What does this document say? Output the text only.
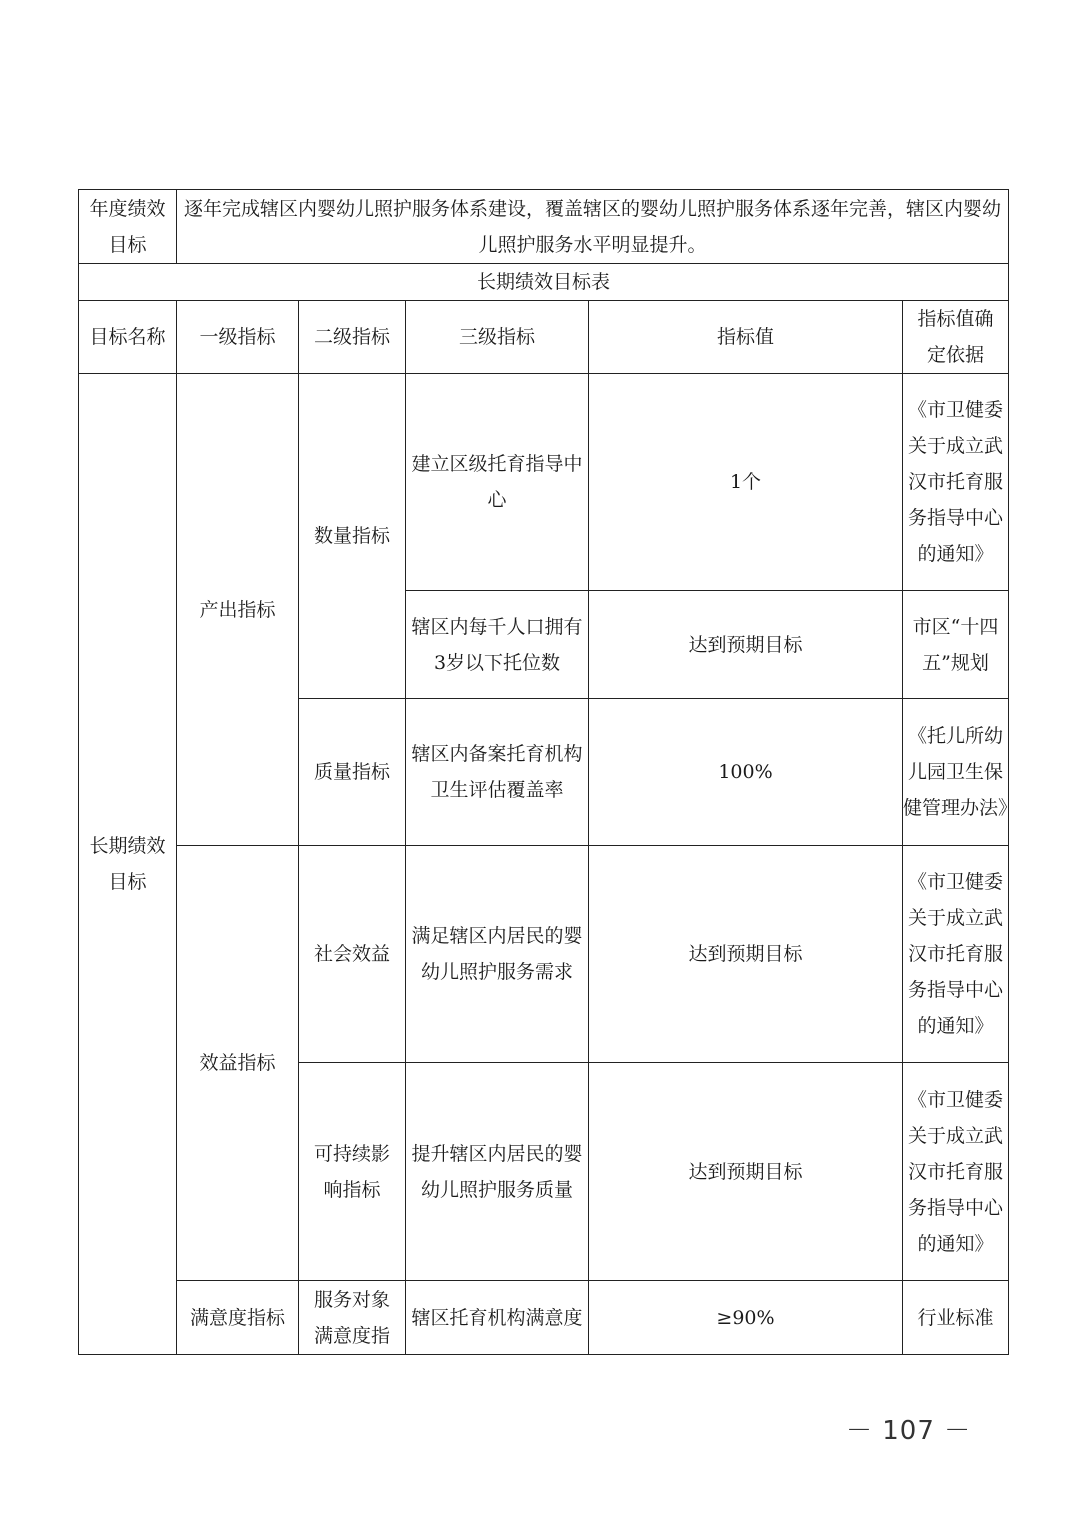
年度绩效目标	逐年完成辖区内婴幼儿照护服务体系建设，覆盖辖区的婴幼儿照护服务体系逐年完善，辖区内婴幼儿照护服务水平明显提升。				
长期绩效目标表					
目标名称	一级指标	二级指标	三级指标	指标值	指标值确定依据
长期绩效目标	产出指标	数量指标	建立区级托育指导中心	1个	《市卫健委关于成立武汉市托育服务指导中心的通知》
			辖区内每千人口拥有3岁以下托位数	达到预期目标	市区“十四五”规划
		质量指标	辖区内备案托育机构卫生评估覆盖率	100%	《托儿所幼儿园卫生保健管理办法》
	效益指标	社会效益	满足辖区内居民的婴幼儿照护服务需求	达到预期目标	《市卫健委关于成立武汉市托育服务指导中心的通知》
		可持续影响指标	提升辖区内居民的婴幼儿照护服务质量	达到预期目标	《市卫健委关于成立武汉市托育服务指导中心的通知》
	满意度指标	服务对象满意度指	辖区托育机构满意度	≥90%	行业标准
－ 107 －
